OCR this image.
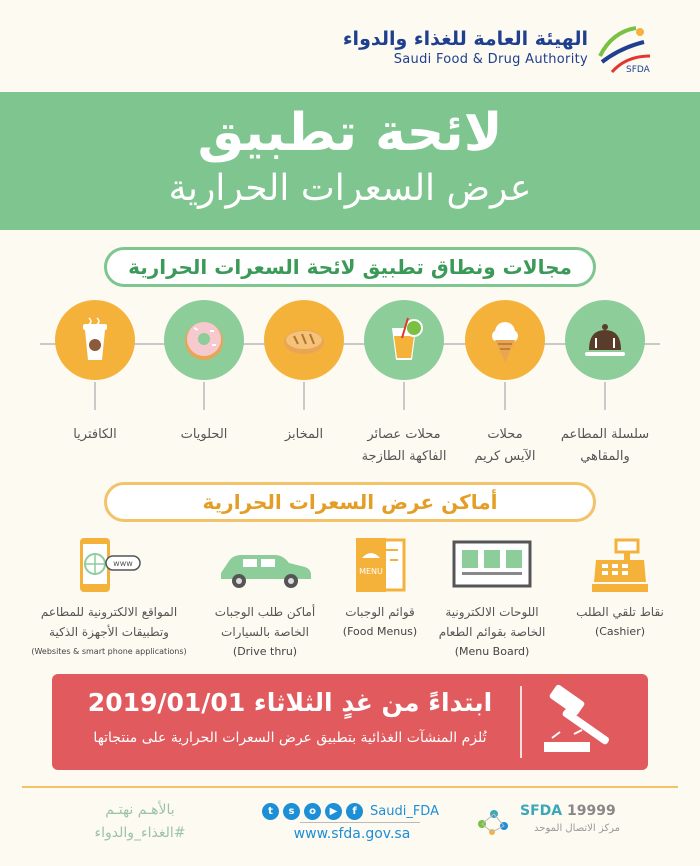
الهيئة العامة للغذاء والدواء
Saudi Food & Drug Authority
SFDA
لائحة تطبيق
عرض السعرات الحرارية
مجالات ونطاق تطبيق لائحة السعرات الحرارية
سلسلة المطاعم
والمقاهي
محلات
الآيس كريم
محلات عصائر
الفاكهة الطازجة
المخابز
الحلويات
الكافتريا
أماكن عرض السعرات الحرارية
MENU
www
نقاط تلقي الطلب
(Cashier)
اللوحات الالكترونية
الخاصة بقوائم الطعام
(Menu Board)
قوائم الوجبات
(Food Menus)
أماكن طلب الوجبات
الخاصة بالسيارات
(Drive thru)
المواقع الالكترونية للمطاعم
وتطبيقات الأجهزة الذكية
(Websites & smart phone applications)
ابتداءً من غدٍ الثلاثاء 2019/01/01
تُلزم المنشآت الغذائية بتطبيق عرض السعرات الحرارية على منتجاتها
بالأهـم نهتـم
#الغذاء_والدواء
t	s	o	▶	f	Saudi_FDA
www.sfda.gov.sa
SFDA 19999
مركز الاتصال الموحد
